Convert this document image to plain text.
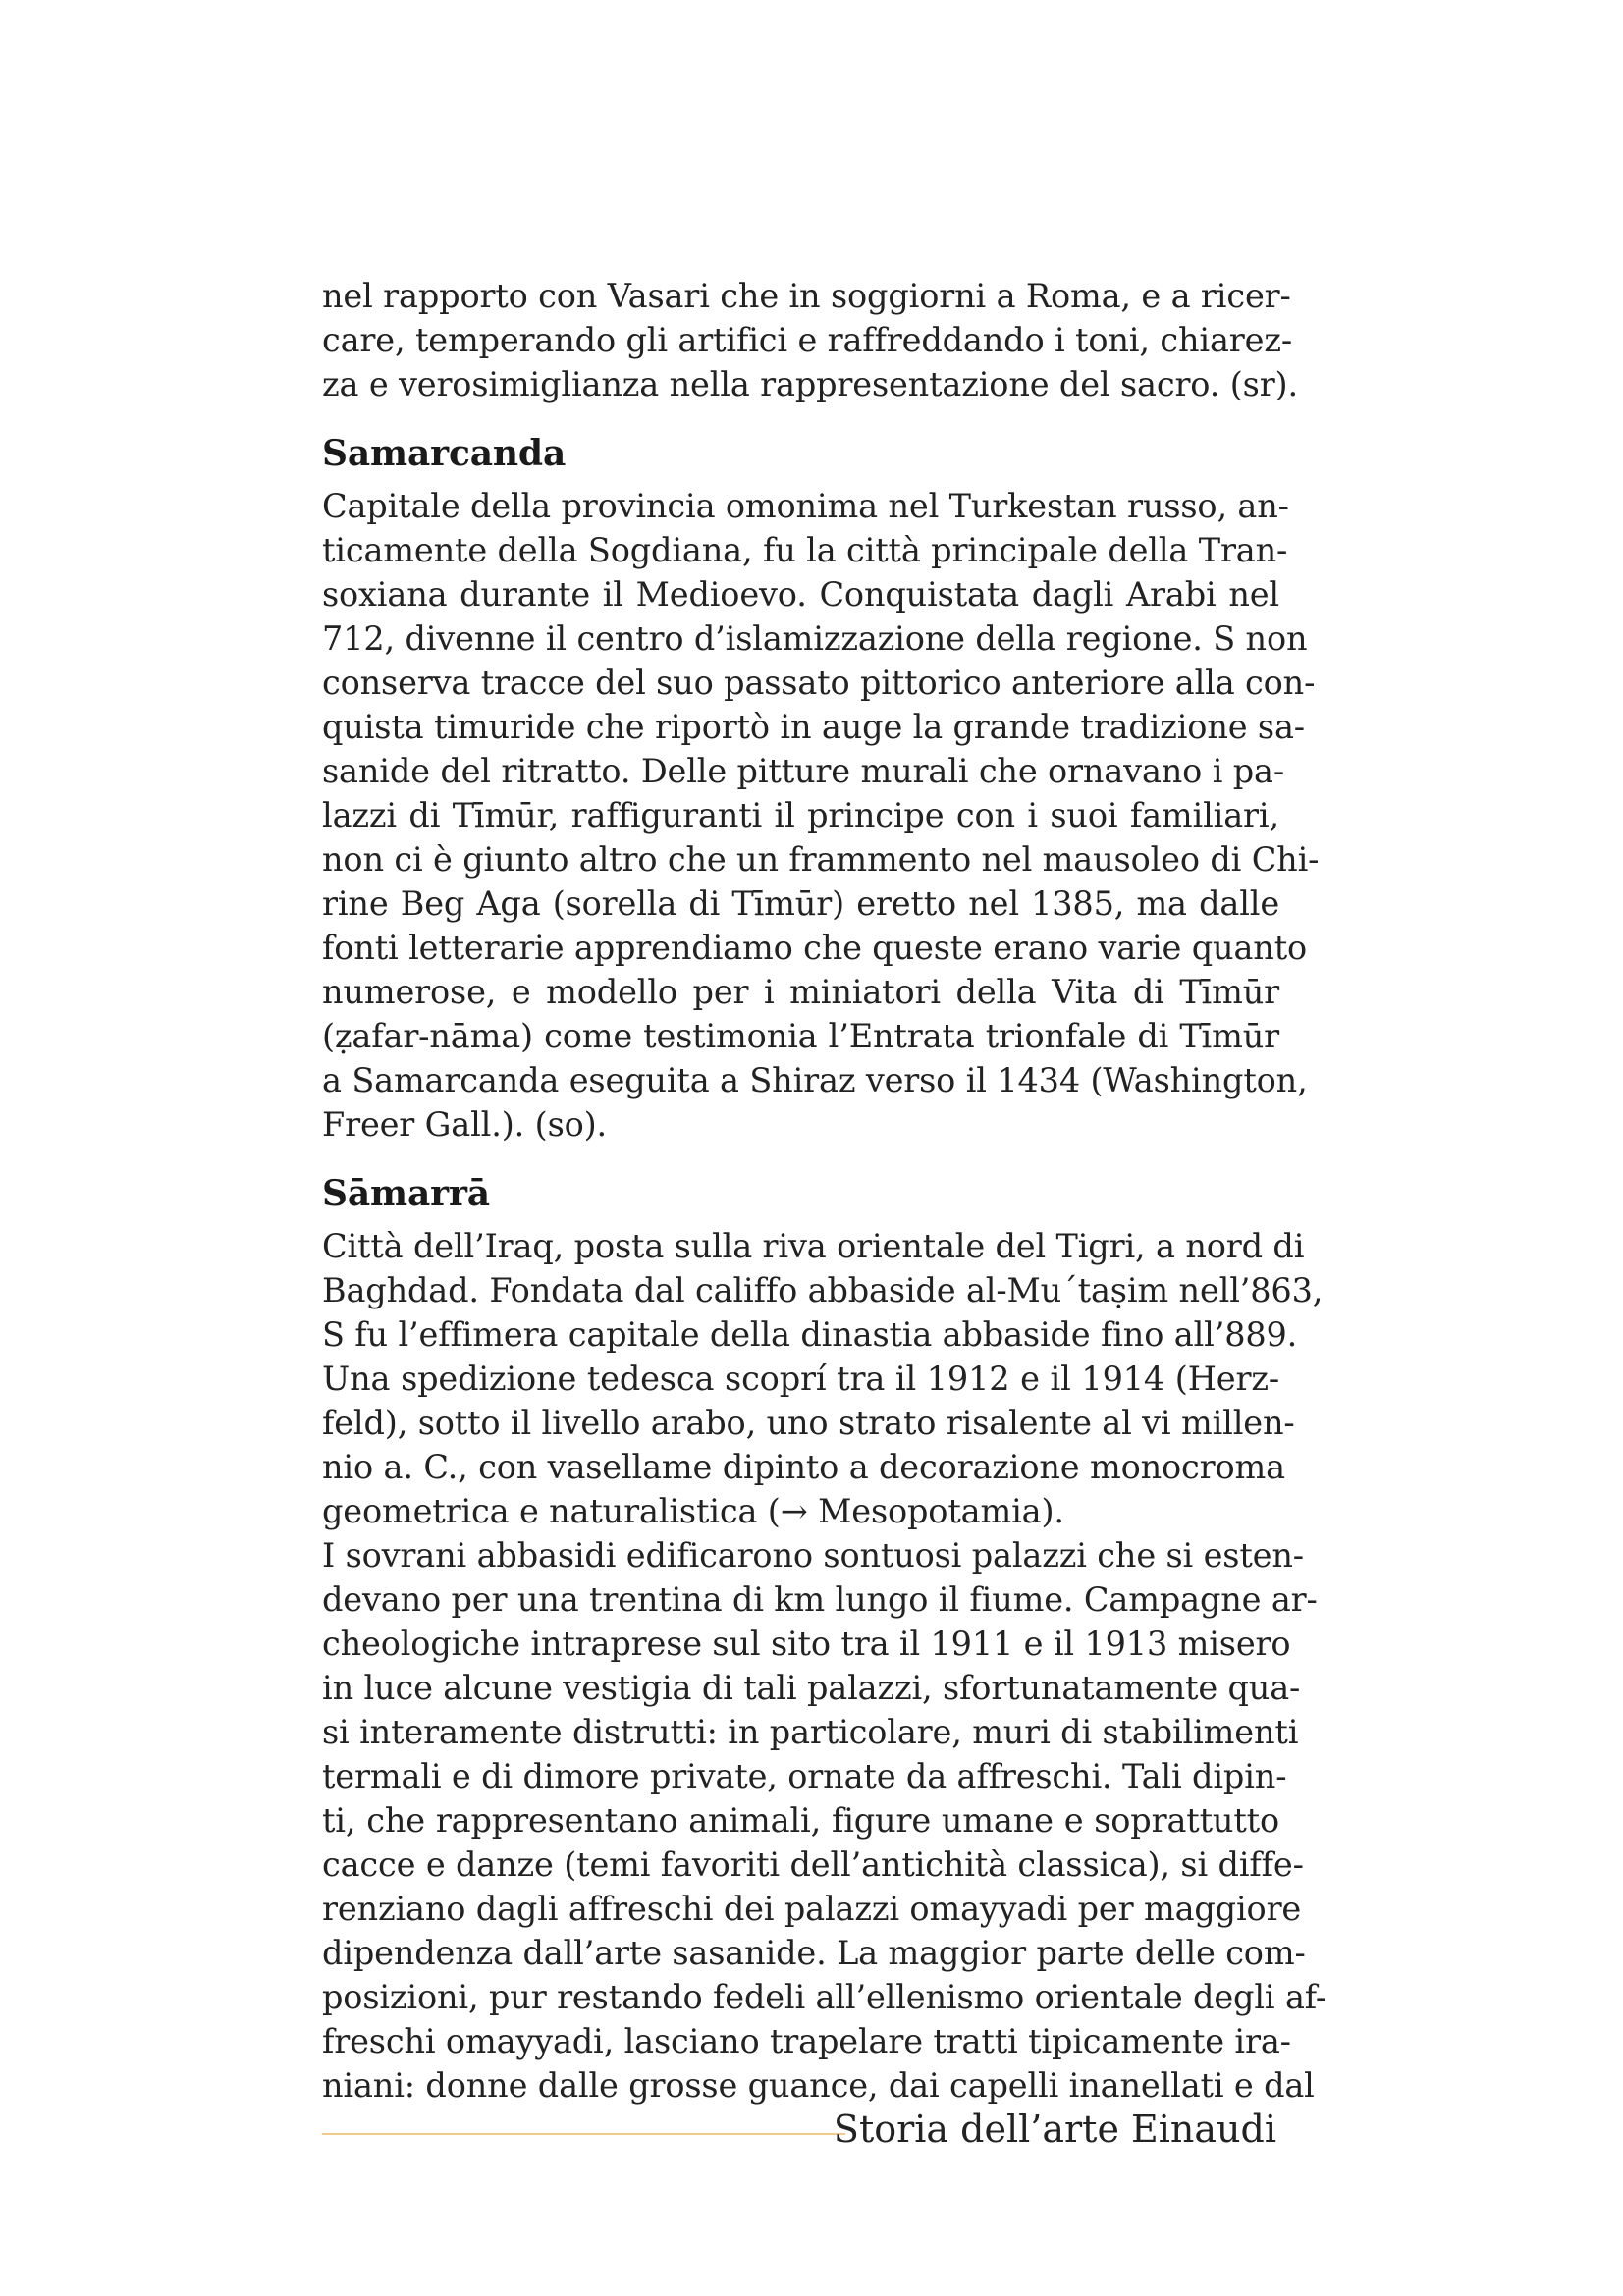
nel rapporto con Vasari che in soggiorni a Roma, e a ricer-
care, temperando gli artifici e raffreddando i toni, chiarez-
za e verosimiglianza nella rappresentazione del sacro. (sr).
Samarcanda
Capitale della provincia omonima nel Turkestan russo, an-
ticamente della Sogdiana, fu la città principale della Tran-
soxiana durante il Medioevo. Conquistata dagli Arabi nel
712, divenne il centro d’islamizzazione della regione. S non
conserva tracce del suo passato pittorico anteriore alla con-
quista timuride che riportò in auge la grande tradizione sa-
sanide del ritratto. Delle pitture murali che ornavano i pa-
lazzi di Tīmūr, raffiguranti il principe con i suoi familiari,
non ci è giunto altro che un frammento nel mausoleo di Chi-
rine Beg Aga (sorella di Tīmūr) eretto nel 1385, ma dalle
fonti letterarie apprendiamo che queste erano varie quanto
numerose, e modello per i miniatori della Vita di Tīmūr
(ẓafar-nāma) come testimonia l’Entrata trionfale di Tīmūr
a Samarcanda eseguita a Shiraz verso il 1434 (Washington,
Freer Gall.). (so).
Sāmarrā
Città dell’Iraq, posta sulla riva orientale del Tigri, a nord di
Baghdad. Fondata dal califfo abbaside al-Mu´taṣim nell’863,
S fu l’effimera capitale della dinastia abbaside fino all’889.
Una spedizione tedesca scoprí tra il 1912 e il 1914 (Herz-
feld), sotto il livello arabo, uno strato risalente al vi millen-
nio a. C., con vasellame dipinto a decorazione monocroma
geometrica e naturalistica (→ Mesopotamia).
I sovrani abbasidi edificarono sontuosi palazzi che si esten-
devano per una trentina di km lungo il fiume. Campagne ar-
cheologiche intraprese sul sito tra il 1911 e il 1913 misero
in luce alcune vestigia di tali palazzi, sfortunatamente qua-
si interamente distrutti: in particolare, muri di stabilimenti
termali e di dimore private, ornate da affreschi. Tali dipin-
ti, che rappresentano animali, figure umane e soprattutto
cacce e danze (temi favoriti dell’antichità classica), si diffe-
renziano dagli affreschi dei palazzi omayyadi per maggiore
dipendenza dall’arte sasanide. La maggior parte delle com-
posizioni, pur restando fedeli all’ellenismo orientale degli af-
freschi omayyadi, lasciano trapelare tratti tipicamente ira-
niani: donne dalle grosse guance, dai capelli inanellati e dal
Storia dell’arte Einaudi
